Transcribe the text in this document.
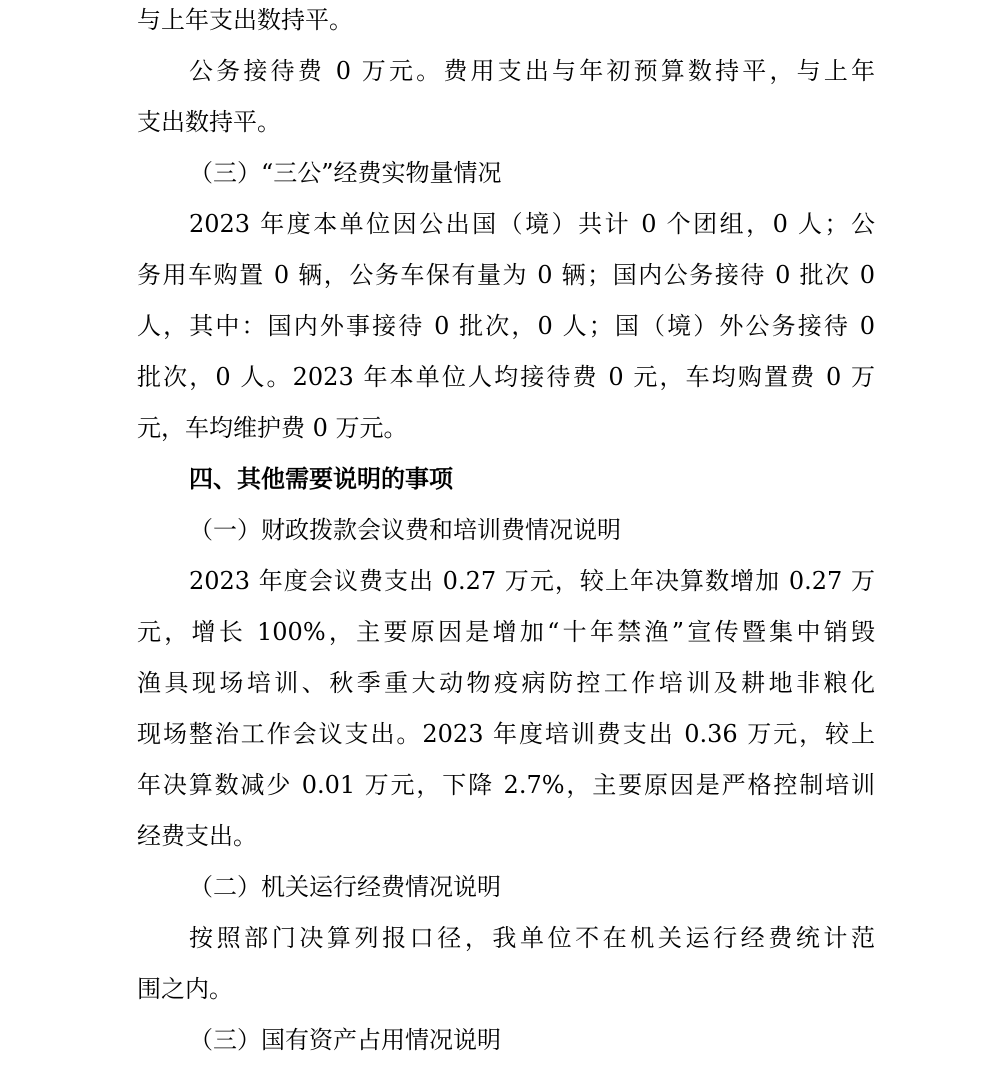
与上年支出数持平。
公务接待费 0 万元。费用支出与年初预算数持平，与上年
支出数持平。
（三）“三公”经费实物量情况
2023 年度本单位因公出国（境）共计 0 个团组，0 人；公
务用车购置 0 辆，公务车保有量为 0 辆；国内公务接待 0 批次 0
人，其中：国内外事接待 0 批次，0 人；国（境）外公务接待 0
批次，0 人。2023 年本单位人均接待费 0 元，车均购置费 0 万
元，车均维护费 0 万元。
四、其他需要说明的事项
（一）财政拨款会议费和培训费情况说明
2023 年度会议费支出 0.27 万元，较上年决算数增加 0.27 万
元，增长 100%，主要原因是增加“十年禁渔”宣传暨集中销毁
渔具现场培训、秋季重大动物疫病防控工作培训及耕地非粮化
现场整治工作会议支出。2023 年度培训费支出 0.36 万元，较上
年决算数减少 0.01 万元，下降 2.7%，主要原因是严格控制培训
经费支出。
（二）机关运行经费情况说明
按照部门决算列报口径，我单位不在机关运行经费统计范
围之内。
（三）国有资产占用情况说明
